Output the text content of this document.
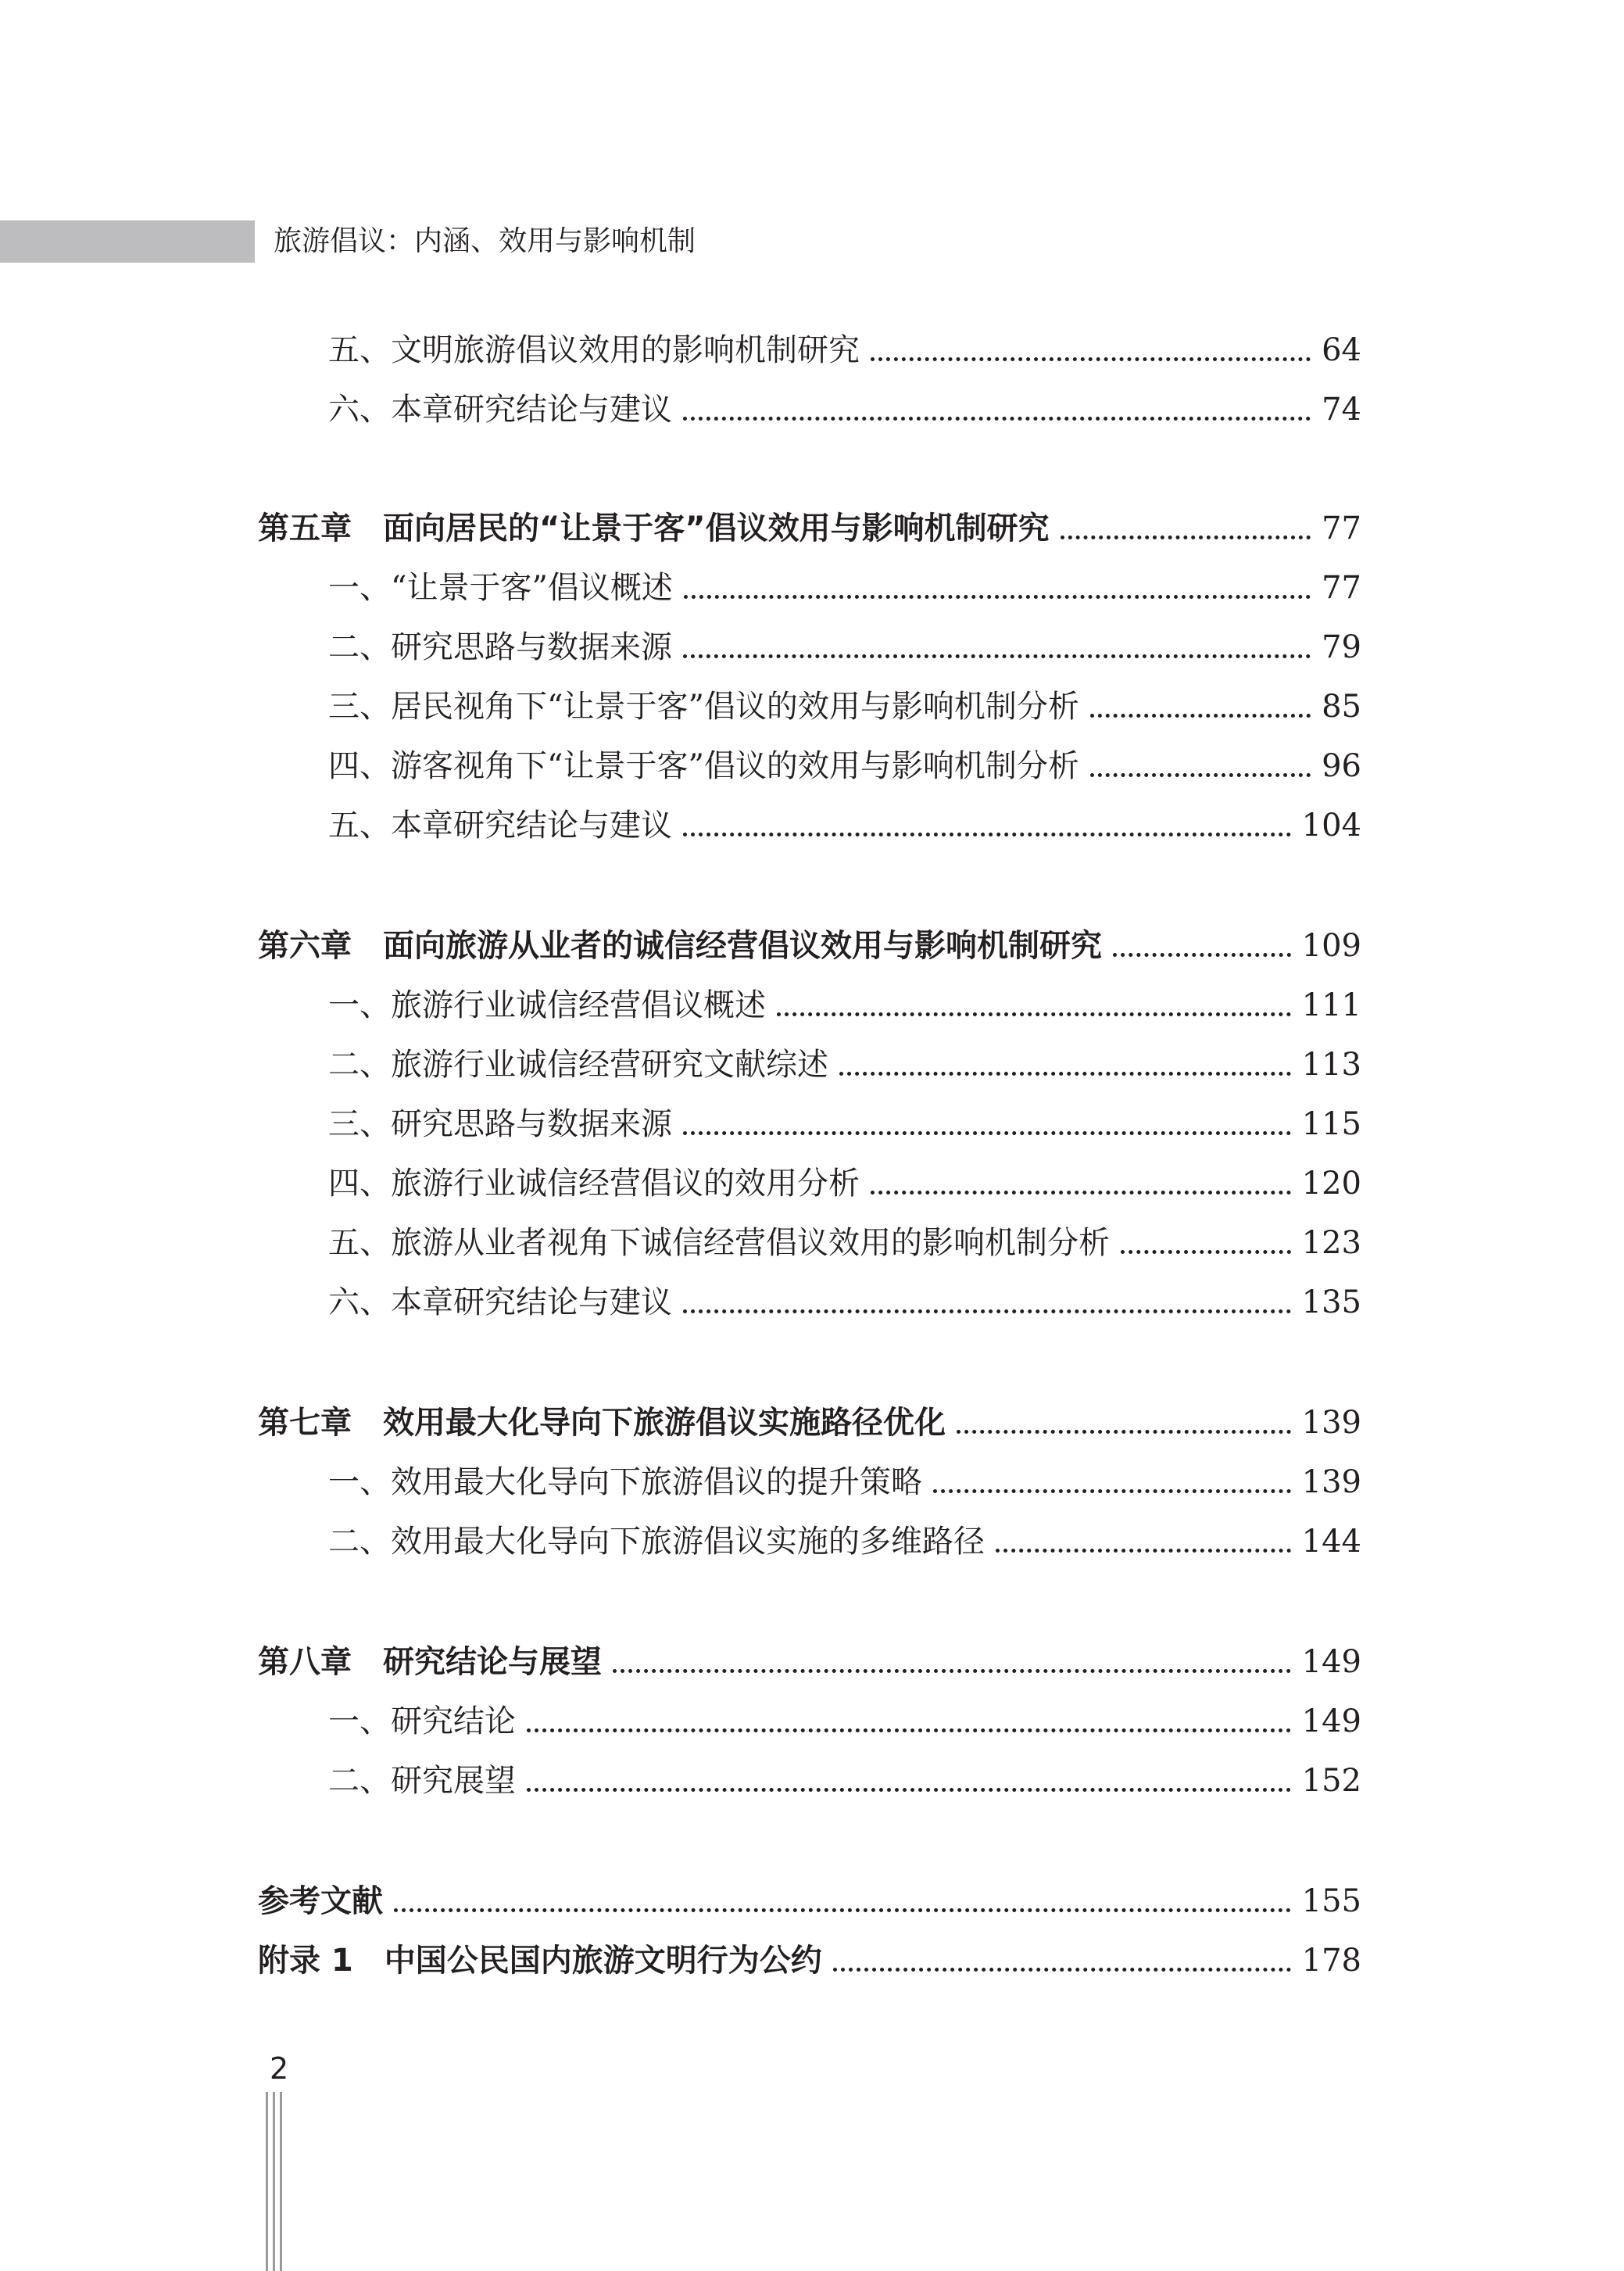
旅游倡议：内涵、效用与影响机制
五、文明旅游倡议效用的影响机制研究	64
六、本章研究结论与建议	74
第五章　面向居民的“让景于客”倡议效用与影响机制研究	77
一、“让景于客”倡议概述	77
二、研究思路与数据来源	79
三、居民视角下“让景于客”倡议的效用与影响机制分析	85
四、游客视角下“让景于客”倡议的效用与影响机制分析	96
五、本章研究结论与建议	104
第六章　面向旅游从业者的诚信经营倡议效用与影响机制研究	109
一、旅游行业诚信经营倡议概述	111
二、旅游行业诚信经营研究文献综述	113
三、研究思路与数据来源	115
四、旅游行业诚信经营倡议的效用分析	120
五、旅游从业者视角下诚信经营倡议效用的影响机制分析	123
六、本章研究结论与建议	135
第七章　效用最大化导向下旅游倡议实施路径优化	139
一、效用最大化导向下旅游倡议的提升策略	139
二、效用最大化导向下旅游倡议实施的多维路径	144
第八章　研究结论与展望	149
一、研究结论	149
二、研究展望	152
参考文献	155
附录 1　中国公民国内旅游文明行为公约	178
2
